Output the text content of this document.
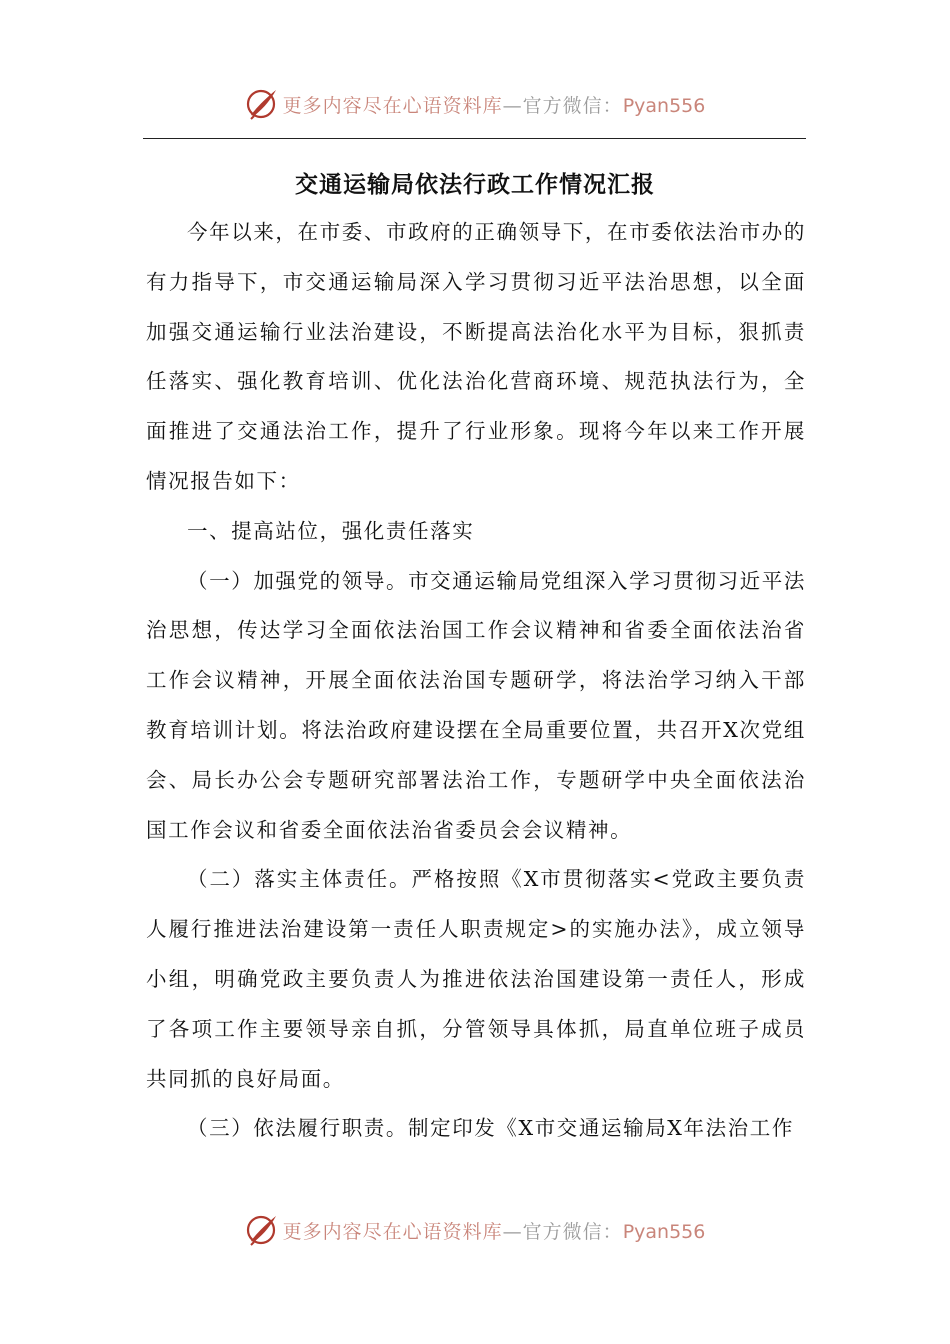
更多内容尽在心语资料库—官方微信：Pyan556
交通运输局依法行政工作情况汇报

今年以来，在市委、市政府的正确领导下，在市委依法治市办的有力指导下，市交通运输局深入学习贯彻习近平法治思想，以全面加强交通运输行业法治建设，不断提高法治化水平为目标，狠抓责任落实、强化教育培训、优化法治化营商环境、规范执法行为，全面推进了交通法治工作，提升了行业形象。现将今年以来工作开展情况报告如下：

一、提高站位，强化责任落实

（一）加强党的领导。市交通运输局党组深入学习贯彻习近平法治思想，传达学习全面依法治国工作会议精神和省委全面依法治省工作会议精神，开展全面依法治国专题研学，将法治学习纳入干部教育培训计划。将法治政府建设摆在全局重要位置，共召开X次党组会、局长办公会专题研究部署法治工作，专题研学中央全面依法治国工作会议和省委全面依法治省委员会会议精神。

（二）落实主体责任。严格按照《X市贯彻落实<党政主要负责人履行推进法治建设第一责任人职责规定>的实施办法》，成立领导小组，明确党政主要负责人为推进依法治国建设第一责任人，形成了各项工作主要领导亲自抓，分管领导具体抓，局直单位班子成员共同抓的良好局面。

（三）依法履行职责。制定印发《X市交通运输局X年法治工作

更多内容尽在心语资料库—官方微信：Pyan556
